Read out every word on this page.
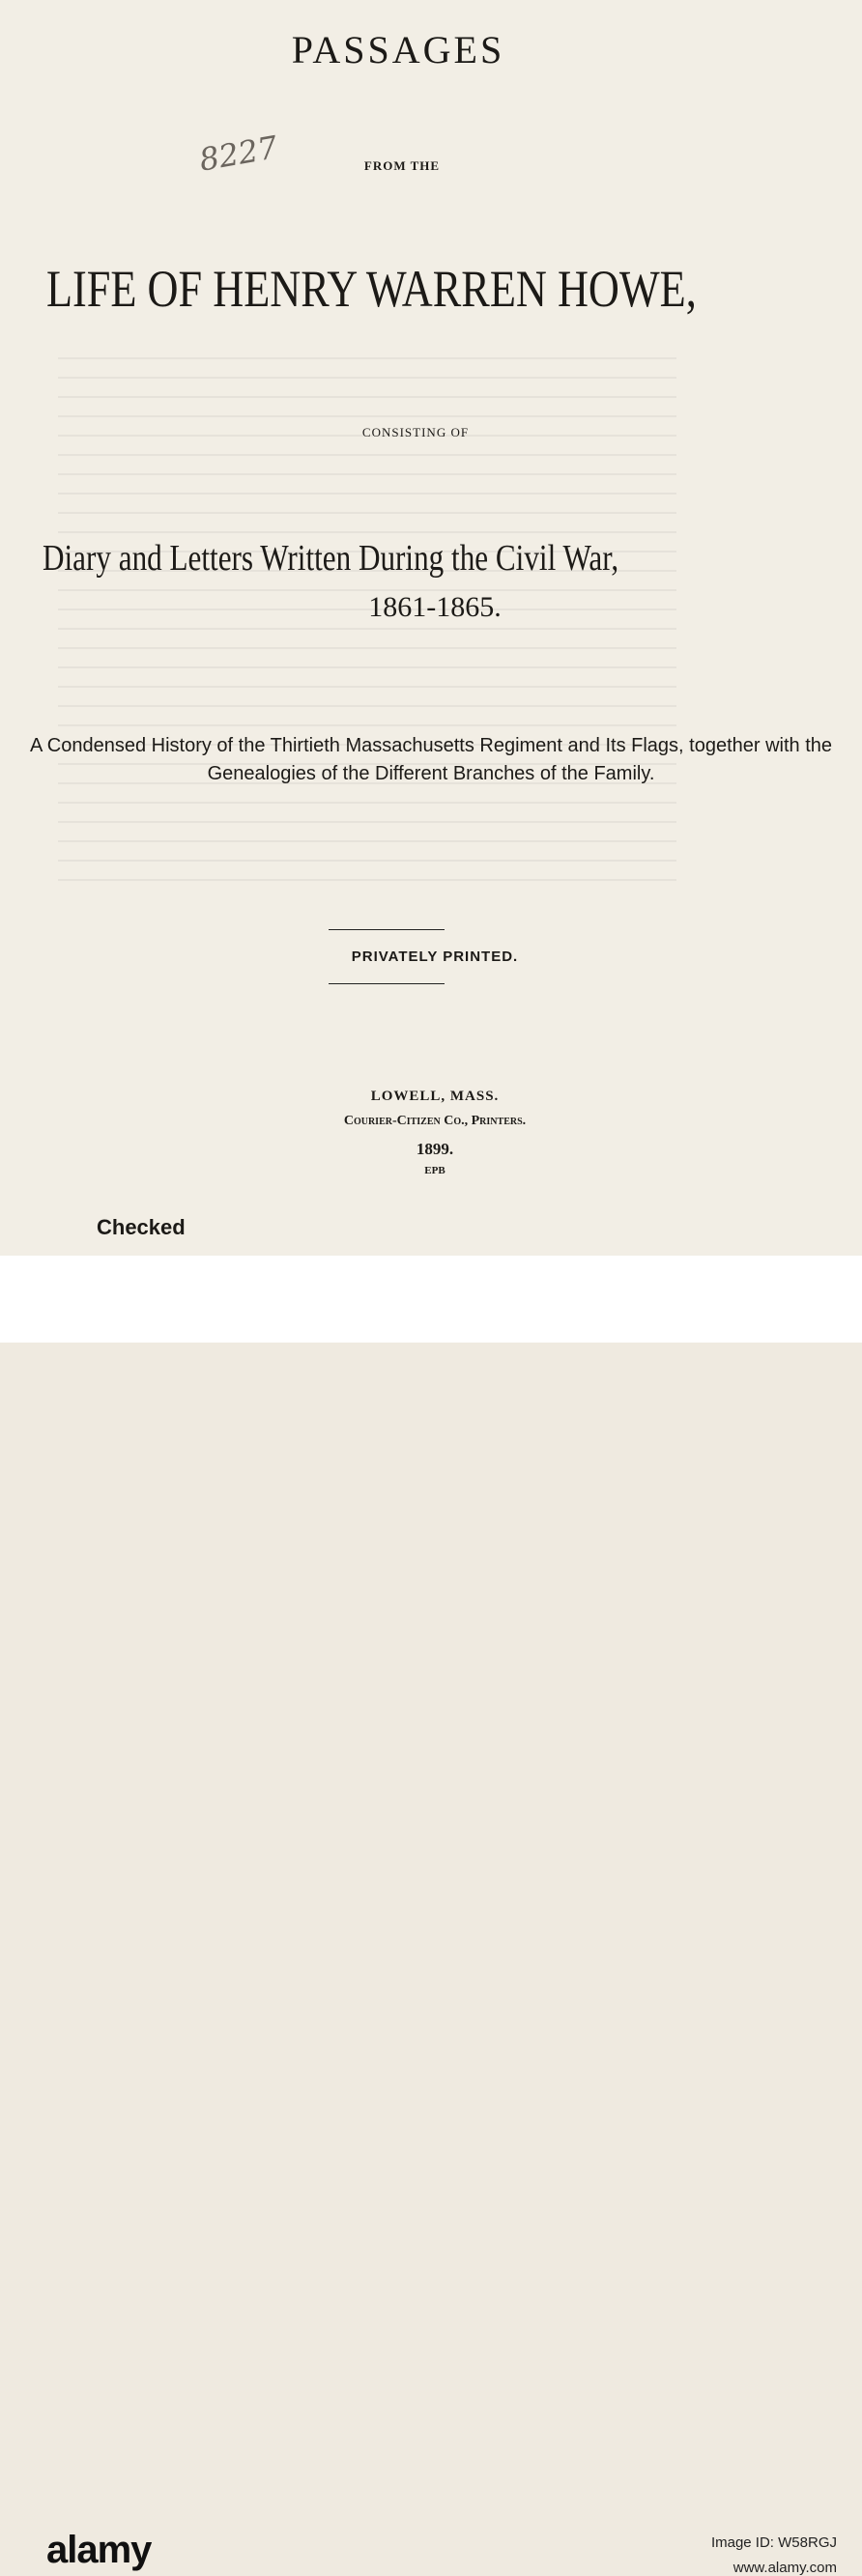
PASSAGES
8227	FROM THE
LIFE OF HENRY WARREN HOWE,
CONSISTING OF
Diary and Letters Written During the Civil War,
1861-1865.
A Condensed History of the Thirtieth Massachusetts Regiment and Its Flags, together with the Genealogies of the Different Branches of the Family.
PRIVATELY PRINTED.
LOWELL, MASS.
Courier-Citizen Co., Printers.
1899.
EPB
Checked
alamy	Image ID: W58RGJ
www.alamy.com
